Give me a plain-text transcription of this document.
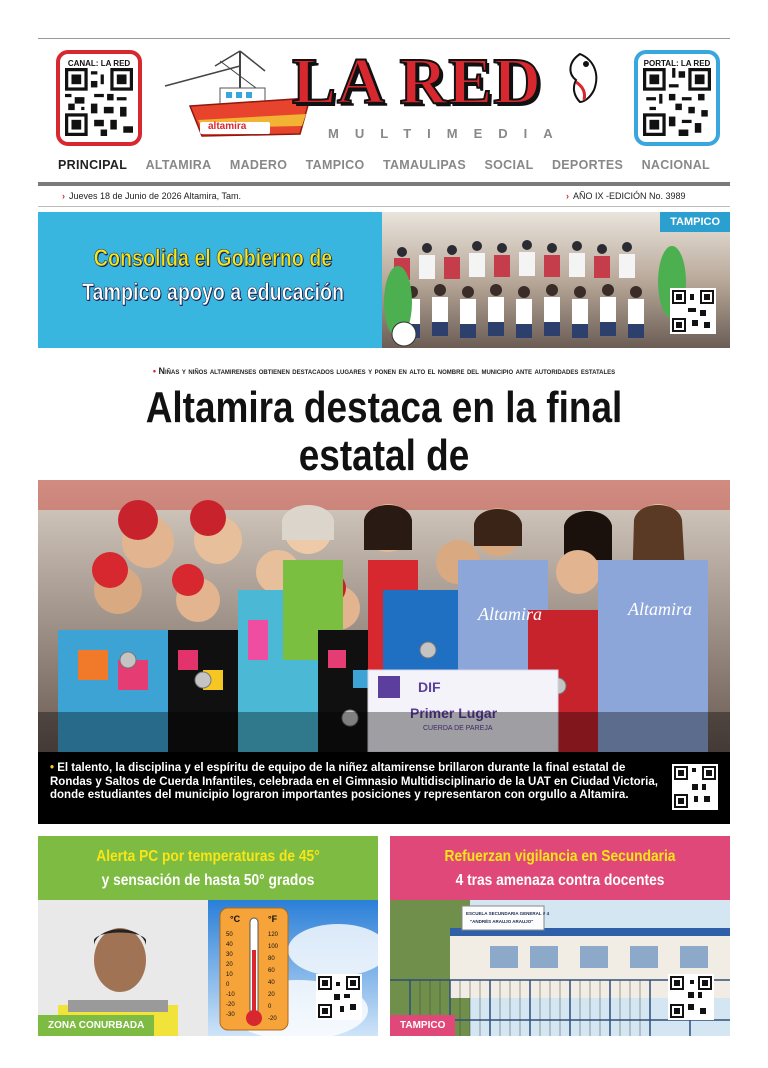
CANAL: LA RED
altamira
LA RED
MULTIMEDIA
PORTAL: LA RED
PRINCIPAL ALTAMIRA MADERO TAMPICO TAMAULIPAS SOCIAL DEPORTES NACIONAL
› Jueves 18 de Junio de 2026 Altamira, Tam.	› AÑO IX -EDICIÓN No. 3989
Consolida el Gobierno de
Tampico apoyo a educación
TAMPICO
• Niñas y niños altamirenses obtienen destacados lugares y ponen en alto el nombre del municipio ante autoridades estatales
Altamira destaca en la final estatal de
Altamira	Altamira
DIF
Primer Lugar
CUERDA DE PAREJA

• El talento, la disciplina y el espíritu de equipo de la niñez altamirense brillaron durante la final estatal de Rondas y Saltos de Cuerda Infantiles, celebrada en el Gimnasio Multidisciplinario de la UAT en Ciudad Victoria, donde estudiantes del municipio lograron importantes posiciones y representaron con orgullo a Altamira.

Alerta PC por temperaturas de 45°
y sensación de hasta 50° grados
°C	°F
50
40
30
20
10
0
-10
-20
-30
120
100
80
60
40
20
0
-20
ZONA CONURBADA
Refuerzan vigilancia en Secundaria
4 tras amenaza contra docentes
ESCUELA SECUNDARIA GENERAL # 4
"ANDRÉS ARAUJO ARAUJO"
TAMPICO
